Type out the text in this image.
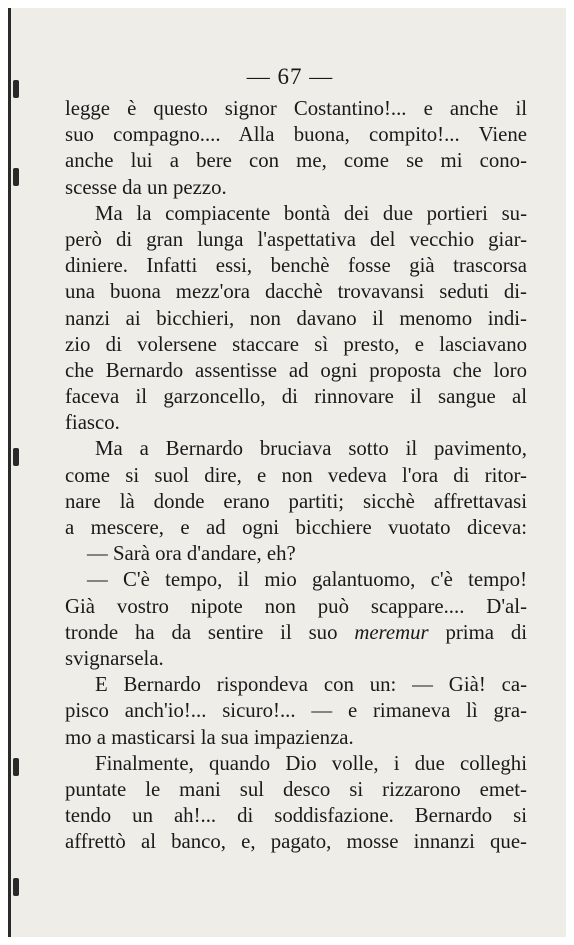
— 67 —
legge è questo signor Costantino!... e anche il
suo compagno.... Alla buona, compito!... Viene
anche lui a bere con me, come se mi cono-
scesse da un pezzo.
Ma la compiacente bontà dei due portieri su-
però di gran lunga l'aspettativa del vecchio giar-
diniere. Infatti essi, benchè fosse già trascorsa
una buona mezz'ora dacchè trovavansi seduti di-
nanzi ai bicchieri, non davano il menomo indi-
zio di volersene staccare sì presto, e lasciavano
che Bernardo assentisse ad ogni proposta che loro
faceva il garzoncello, di rinnovare il sangue al
fiasco.
Ma a Bernardo bruciava sotto il pavimento,
come si suol dire, e non vedeva l'ora di ritor-
nare là donde erano partiti; sicchè affrettavasi
a mescere, e ad ogni bicchiere vuotato diceva:
— Sarà ora d'andare, eh?
— C'è tempo, il mio galantuomo, c'è tempo!
Già vostro nipote non può scappare.... D'al-
tronde ha da sentire il suo meremur prima di
svignarsela.
E Bernardo rispondeva con un: — Già! ca-
pisco anch'io!... sicuro!... — e rimaneva lì gra-
mo a masticarsi la sua impazienza.
Finalmente, quando Dio volle, i due colleghi
puntate le mani sul desco si rizzarono emet-
tendo un ah!... di soddisfazione. Bernardo si
affrettò al banco, e, pagato, mosse innanzi que-
